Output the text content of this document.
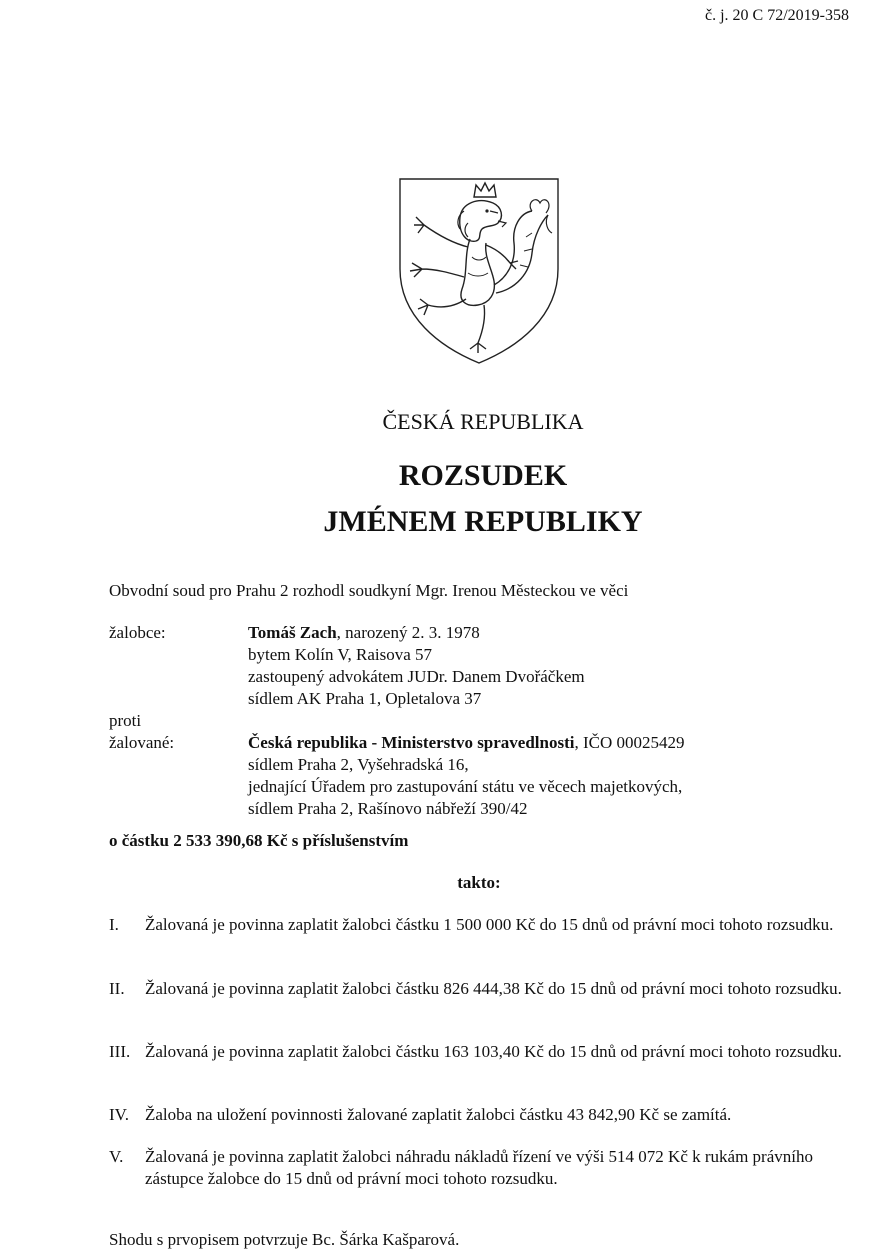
č. j. 20 C 72/2019-358
ČESKÁ REPUBLIKA
ROZSUDEK
JMÉNEM REPUBLIKY
Obvodní soud pro Prahu 2 rozhodl soudkyní Mgr. Irenou Městeckou ve věci
žalobce:	Tomáš Zach, narozený 2. 3. 1978
bytem Kolín V, Raisova 57
zastoupený advokátem JUDr. Danem Dvořáčkem
sídlem AK Praha 1, Opletalova 37
proti
žalované:	Česká republika - Ministerstvo spravedlnosti, IČO 00025429
sídlem Praha 2, Vyšehradská 16,
jednající Úřadem pro zastupování státu ve věcech majetkových,
sídlem Praha 2, Rašínovo nábřeží 390/42
o částku 2 533 390,68 Kč s příslušenstvím
takto:
I. Žalovaná je povinna zaplatit žalobci částku 1 500 000 Kč do 15 dnů od právní moci tohoto rozsudku.
II. Žalovaná je povinna zaplatit žalobci částku 826 444,38 Kč do 15 dnů od právní moci tohoto rozsudku.
III. Žalovaná je povinna zaplatit žalobci částku 163 103,40 Kč do 15 dnů od právní moci tohoto rozsudku.
IV. Žaloba na uložení povinnosti žalované zaplatit žalobci částku 43 842,90 Kč se zamítá.
V. Žalovaná je povinna zaplatit žalobci náhradu nákladů řízení ve výši 514 072 Kč k rukám právního zástupce žalobce do 15 dnů od právní moci tohoto rozsudku.
Shodu s prvopisem potvrzuje Bc. Šárka Kašparová.
